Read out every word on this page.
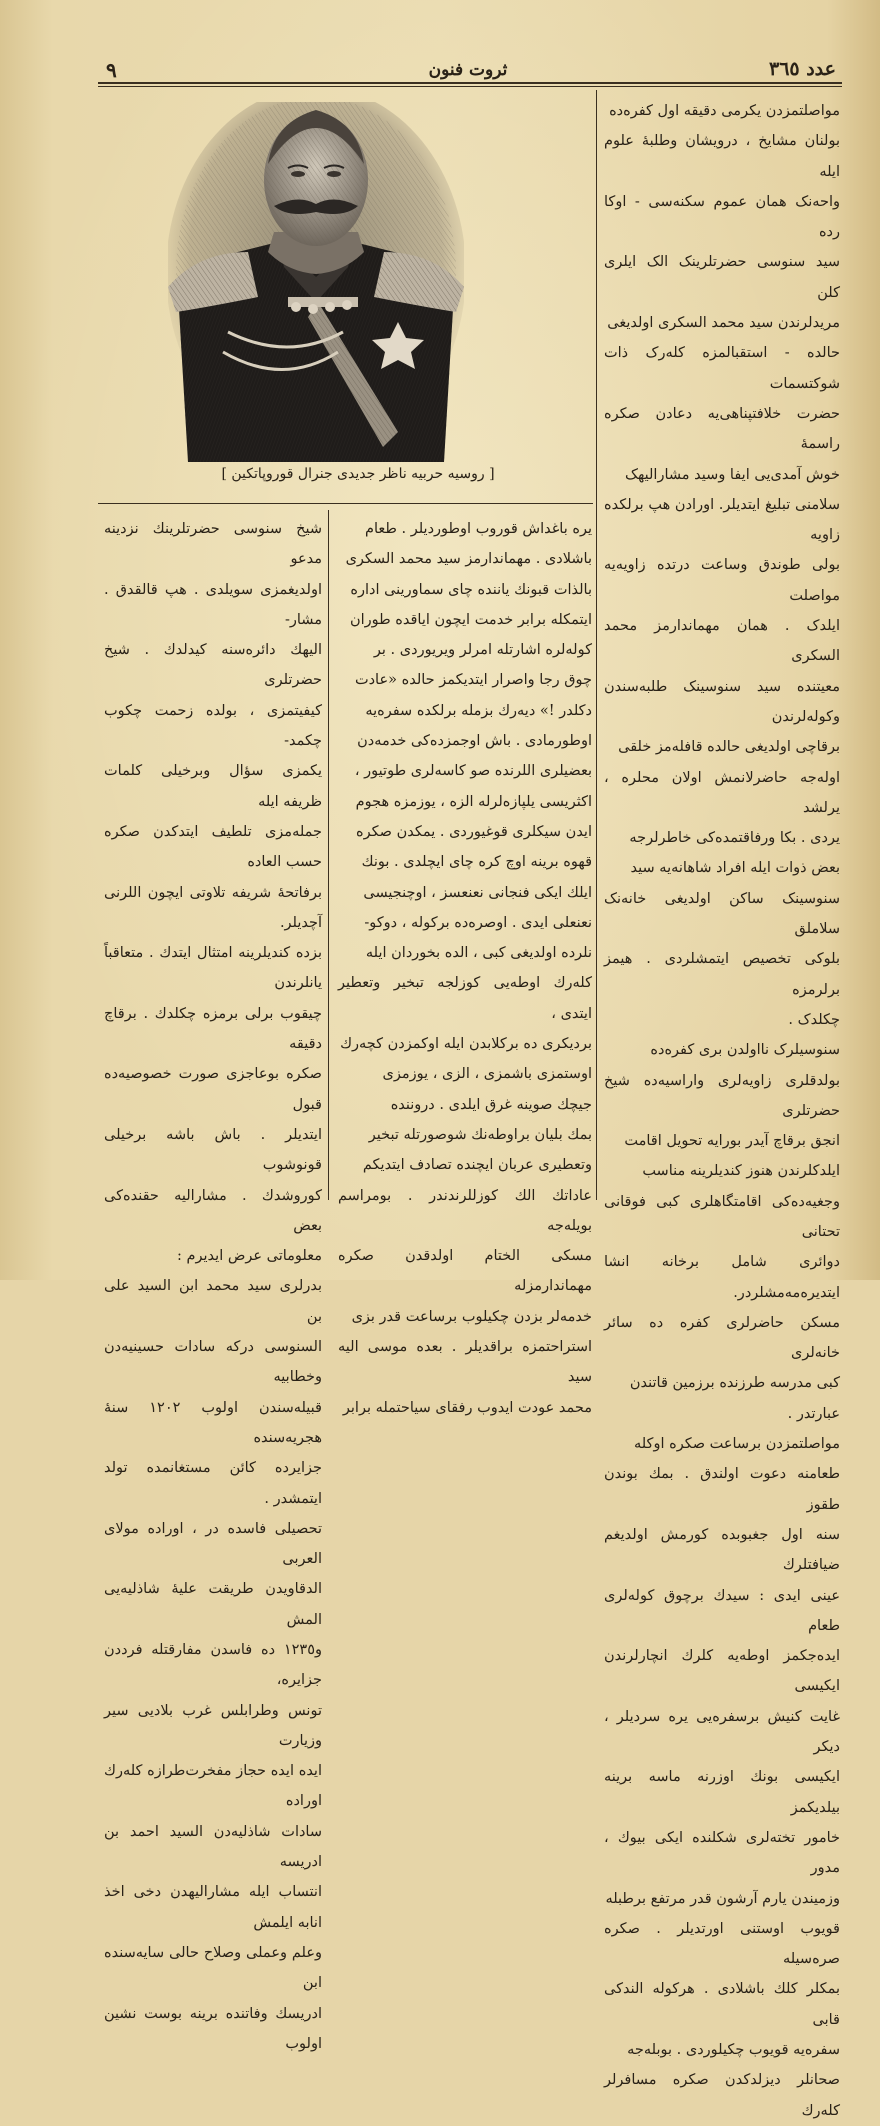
٩	ثروت فنون	عدد ٣٦٥
[ روسیه حربیه ناظر جدیدی جنرال قوروپاتکین ]

مواصلتمزدن یکرمی دقیقه اول کفره‌ده

بولنان مشایخ ، درویشان وطلبهٔ علوم ایله

واحه‌نک همان عموم سکنه‌سی - اوکا رده

سید سنوسی حضرتلرینک الک ایلری کلن

مریدلرندن سید محمد السکری اولدیغی

حالده - استقبالمزه کله‌رک ذات شوکتسمات

حضرت خلافتپناهی‌یه دعادن صکره راسمهٔ

خوش آمدی‌یی ایفا وسید مشارالیهک

سلامنی تبلیغ ایتدیلر. اورادن هپ برلکده زاویه

بولی طوندق وساعت درتده زاویه‌یه مواصلت

ایلدک . همان مهماندارمز محمد السکری

معیتنده سید سنوسینک طلبه‌سندن وکوله‌لرندن

برقاچی اولدیغی حالده قافله‌مز خلقی

اوله‌جه حاضرلانمش اولان محلره ، یرلشد

یردی . بکا ورفاقتمده‌کی خاطرلرجه

بعض ذوات ایله افراد شاهانه‌یه سید

سنوسینک ساکن اولدیغی خانه‌نک سلاملق

بلوکی تخصیص ایتمشلردی . هیمز برلرمزه

چکلدک .

سنوسیلرک نااولدن بری کفره‌ده

بولدقلری زاویه‌لری واراسیه‌ده شیخ حضرتلری

انجق برقاچ آیدر بورایه تحویل اقامت

ایلدکلرندن هنوز کندیلرینه مناسب

وجغیه‌ده‌کی اقامتگاهلری کبی فوقانی تحتانی

دوائری شامل برخانه انشا ایتدیره‌مه‌مشلردر.

مسکن حاضرلری کفره ده سائر خانه‌لری

کبی مدرسه طرزنده برزمین قاتندن

عبارتدر .

مواصلتمزدن برساعت صکره اوکله

طعامنه دعوت اولندق . بمك بوندن طقوز

سنه اول جغبوبده کورمش اولدیغم ضیافتلرك

عینی ایدی : سیدك برچوق کوله‌لری طعام

ایده‌جکمز اوطه‌یه کلرك انچارلرندن ایکیسی

غایت کنیش برسفره‌یی یره سردیلر ، دیکر

ایکیسی بونك اوزرنه ماسه برینه بیلدیکمز

خامور تخته‌لری شکلنده ایکی بیوك ، مدور

وزمیندن یارم آرشون قدر مرتفع برطبله

قویوب اوستنی اورتدیلر . صکره صره‌سیله

بمکلر کلك باشلادی . هرکوله الندکی قابی

سفره‌یه قویوب چکیلوردی . بوبله‌جه

صحانلر دیزلدکدن صکره مسافرلر کله‌رك

یره باغداش قوروب اوطوردیلر . طعام

باشلادی . مهماندارمز سید محمد السکری

بالذات قبونك یاننده چای سماورینی اداره

ایتمکله برابر خدمت ایچون ایاقده طوران

کوله‌لره اشارتله امرلر ویریوردی . بر

چوق رجا واصرار ایتدیکمز حالده «عادت

دکلدر !» دیه‌رك بزمله برلکده سفره‌یه

اوطورمادی . باش اوجمزده‌کی خدمه‌دن

بعضیلری اللرنده صو کاسه‌لری طوتیور ،

اکثریسی یلپازه‌لرله الزه ، یوزمزه هجوم

ایدن سیکلری قوغیوردی . یمکدن صکره

قهوه برینه اوچ کره چای ایچلدی . بونك

ایلك ایکی فنجانی نعنعسز ، اوچنجیسی

نعنعلی ایدی . اوصره‌ده برکوله ، دوکو-

نلرده اولدیغی کبی ، الده بخوردان ایله

کله‌رك اوطه‌یی کوزلجه تبخیر وتعطیر ایتدی ،

بردیکری ده برکلابدن ایله اوکمزدن کچه‌رك

اوستمزی باشمزی ، الزی ، یوزمزی

جیچك صوینه غرق ایلدی . دروننده

بمك بلیان براوطه‌نك شوصورتله تبخیر

وتعطیری عربان ایچنده تصادف ایتدیکم

عاداتك الك کوزللرندندر . بومراسم بویله‌جه

مسکی الختام اولدقدن صکره مهماندارمزله

خدمه‌لر بزدن چکیلوب برساعت قدر بزی

استراحتمزه براقدیلر . بعده موسی الیه سید

محمد عودت ایدوب رفقای سیاحتمله برابر

شیخ سنوسی حضرتلرینك نزدینه مدعو

اولدیغمزی سویلدی . هپ قالقدق . مشار-

الیهك دائره‌سنه کیدلدك . شیخ حضرتلری

کیفیتمزی ، بولده زحمت چکوب چکمد-

یکمزی سؤال وبرخیلی کلمات ظریفه ایله

جمله‌مزی تلطیف ایتدکدن صکره حسب العاده

برفاتحهٔ شریفه تلاوتی ایچون اللرنی آچدیلر.

بزده کندیلرینه امتثال ایتدك . متعاقباً یانلرندن

چیقوب برلی برمزه چکلدك . برقاچ دقیقه

صکره بوعاجزی صورت خصوصیه‌ده قبول

ایتدیلر . باش باشه برخیلی قونوشوب

کوروشدك . مشارالیه حقنده‌کی بعض

معلوماتی عرض ایدیرم :

بدرلری سید محمد ابن السید علی بن

السنوسی درکه سادات حسینیه‌دن وخطابیه

قبیله‌سندن اولوب ١٢٠٢ سنهٔ هجریه‌سنده

جزایرده کائن مستغانمده تولد ایتمشدر .

تحصیلی فاسده در ، اوراده مولای العربی

الدقاویدن طریقت علیهٔ شاذلیه‌یی المش

و١٢٣٥ ده فاسدن مفارقتله فرددن جزایره،

تونس وطرابلس غرب بلادیی سیر وزیارت

ایده ایده حجاز مفخرت‌طرازه کله‌رك اوراده

سادات شاذلیه‌دن السید احمد بن ادریسه

انتساب ایله مشارالیهدن دخی اخذ انابه ایلمش

وعلم وعملی وصلاح حالی سایه‌سنده ابن

ادریسك وفاتنده برینه بوست نشین اولوب
